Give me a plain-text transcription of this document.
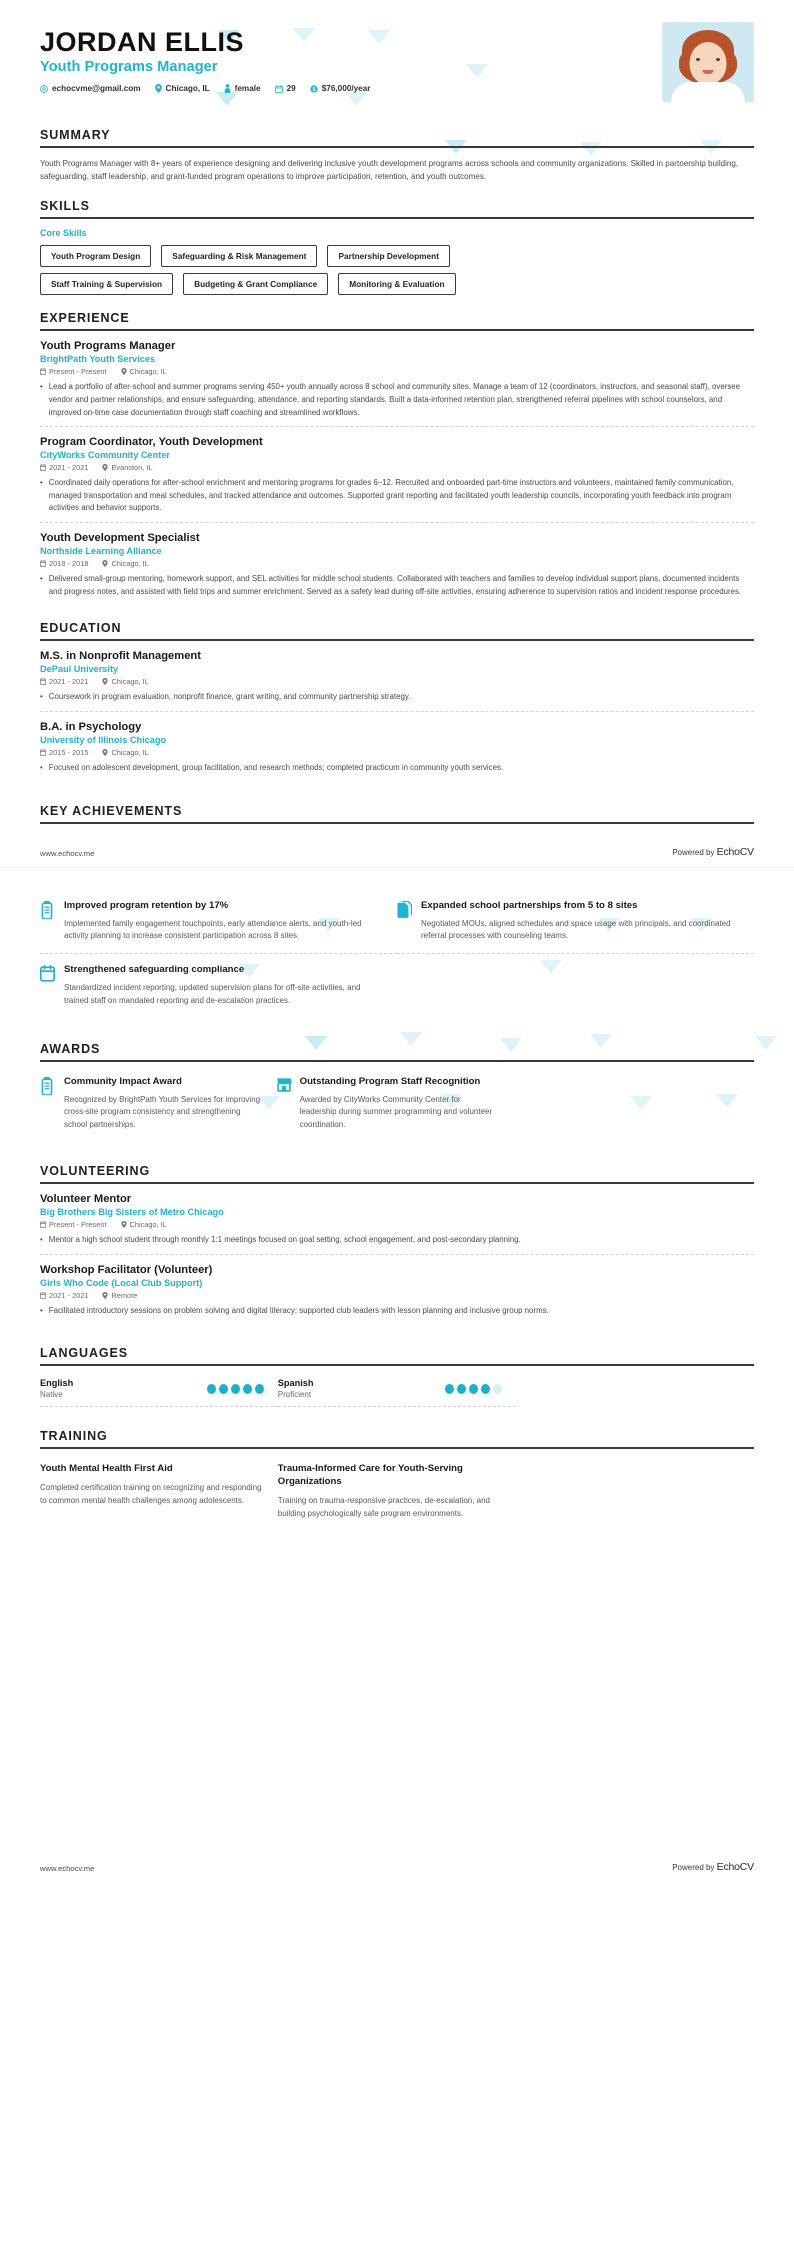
JORDAN ELLIS
Youth Programs Manager
echocvme@gmail.com	Chicago, IL	female	29 $ $76,000/year
SUMMARY
Youth Programs Manager with 8+ years of experience designing and delivering inclusive youth development programs across schools and community organizations. Skilled in partnership building, safeguarding, staff leadership, and grant-funded program operations to improve participation, retention, and youth outcomes.
SKILLS
Core Skills
Youth Program Design	Safeguarding & Risk Management	Partnership Development
Staff Training & Supervision	Budgeting & Grant Compliance	Monitoring & Evaluation
EXPERIENCE
Youth Programs Manager
BrightPath Youth Services
Present - Present	Chicago, IL
• Lead a portfolio of after-school and summer programs serving 450+ youth annually across 8 school and community sites. Manage a team of 12 (coordinators, instructors, and seasonal staff), oversee vendor and partner relationships, and ensure safeguarding, attendance, and reporting standards. Built a data-informed retention plan, strengthened referral pipelines with school counselors, and improved on-time case documentation through staff coaching and streamlined workflows.
Program Coordinator, Youth Development
CityWorks Community Center
2021 - 2021	Evanston, IL
• Coordinated daily operations for after-school enrichment and mentoring programs for grades 6–12. Recruited and onboarded part-time instructors and volunteers, maintained family communication, managed transportation and meal schedules, and tracked attendance and outcomes. Supported grant reporting and facilitated youth leadership councils, incorporating youth feedback into program activities and behavior supports.
Youth Development Specialist
Northside Learning Alliance
2018 - 2018	Chicago, IL
• Delivered small-group mentoring, homework support, and SEL activities for middle school students. Collaborated with teachers and families to develop individual support plans, documented incidents and progress notes, and assisted with field trips and summer enrichment. Served as a safety lead during off-site activities, ensuring adherence to supervision ratios and incident response procedures.
EDUCATION
M.S. in Nonprofit Management
DePaul University
2021 - 2021	Chicago, IL
• Coursework in program evaluation, nonprofit finance, grant writing, and community partnership strategy.
B.A. in Psychology
University of Illinois Chicago
2015 - 2015	Chicago, IL
• Focused on adolescent development, group facilitation, and research methods; completed practicum in community youth services.
KEY ACHIEVEMENTS
www.echocv.me	Powered by EchoCV
Improved program retention by 17%
Implemented family engagement touchpoints, early attendance alerts, and youth-led activity planning to increase consistent participation across 8 sites.
Expanded school partnerships from 5 to 8 sites
Negotiated MOUs, aligned schedules and space usage with principals, and coordinated referral processes with counseling teams.
Strengthened safeguarding compliance
Standardized incident reporting, updated supervision plans for off-site activities, and trained staff on mandated reporting and de-escalation practices.
AWARDS
Community Impact Award
Recognized by BrightPath Youth Services for improving cross-site program consistency and strengthening school partnerships.
Outstanding Program Staff Recognition
Awarded by CityWorks Community Center for leadership during summer programming and volunteer coordination.
VOLUNTEERING
Volunteer Mentor
Big Brothers Big Sisters of Metro Chicago
Present - Present	Chicago, IL
• Mentor a high school student through monthly 1:1 meetings focused on goal setting, school engagement, and post-secondary planning.
Workshop Facilitator (Volunteer)
Girls Who Code (Local Club Support)
2021 - 2021	Remote
• Facilitated introductory sessions on problem solving and digital literacy; supported club leaders with lesson planning and inclusive group norms.
LANGUAGES
English
Native
Spanish
Proficient
TRAINING
Youth Mental Health First Aid
Completed certification training on recognizing and responding to common mental health challenges among adolescents.
Trauma-Informed Care for Youth-Serving Organizations
Training on trauma-responsive practices, de-escalation, and building psychologically safe program environments.
www.echocv.me	Powered by EchoCV
